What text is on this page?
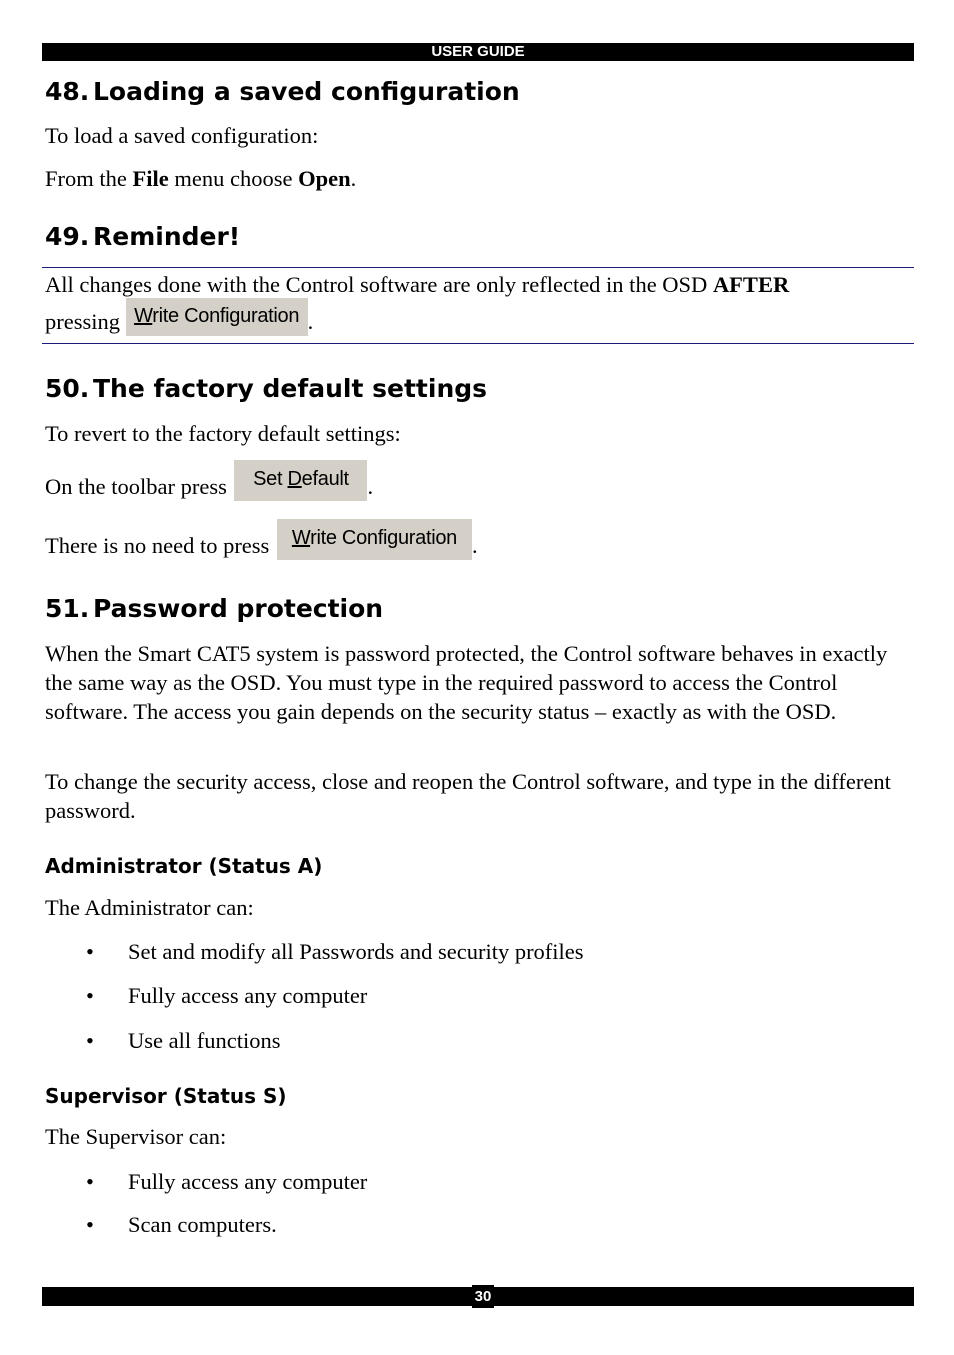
USER GUIDE
48. Loading a saved configuration

To load a saved configuration:

From the File menu choose Open.

49. Reminder!

All changes done with the Control software are only reflected in the OSD AFTER

pressing Write Configuration .

50. The factory default settings

To revert to the factory default settings:

On the toolbar press Set Default .

There is no need to press Write Configuration .

51. Password protection

When the Smart CAT5 system is password protected, the Control software behaves in exactly the same way as the OSD. You must type in the required password to access the Control software. The access you gain depends on the security status – exactly as with the OSD.

To change the security access, close and reopen the Control software, and type in the different password.

Administrator (Status A)

The Administrator can:

• Set and modify all Passwords and security profiles

• Fully access any computer

• Use all functions

Supervisor (Status S)

The Supervisor can:

• Fully access any computer

• Scan computers.

30
